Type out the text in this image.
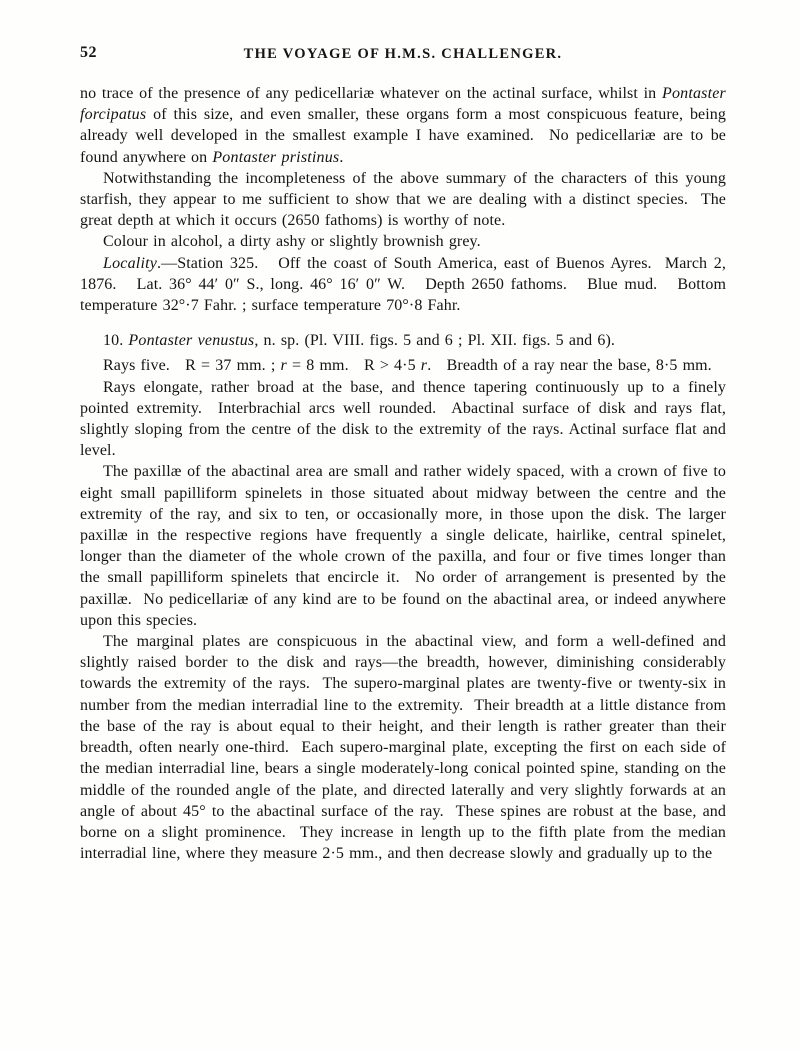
52	THE VOYAGE OF H.M.S. CHALLENGER.

no trace of the presence of any pedicellariæ whatever on the actinal surface, whilst in Pontaster forcipatus of this size, and even smaller, these organs form a most conspicuous feature, being already well developed in the smallest example I have examined.  No pedicellariæ are to be found anywhere on Pontaster pristinus.

Notwithstanding the incompleteness of the above summary of the characters of this young starfish, they appear to me sufficient to show that we are dealing with a distinct species.  The great depth at which it occurs (2650 fathoms) is worthy of note.

Colour in alcohol, a dirty ashy or slightly brownish grey.

Locality.—Station 325.   Off the coast of South America, east of Buenos Ayres.  March 2, 1876.   Lat. 36° 44′ 0″ S., long. 46° 16′ 0″ W.   Depth 2650 fathoms.   Blue mud.   Bottom temperature 32°·7 Fahr. ; surface temperature 70°·8 Fahr.

10. Pontaster venustus, n. sp. (Pl. VIII. figs. 5 and 6 ; Pl. XII. figs. 5 and 6).

Rays five.   R = 37 mm. ; r = 8 mm.   R > 4·5 r.   Breadth of a ray near the base, 8·5 mm.

Rays elongate, rather broad at the base, and thence tapering continuously up to a finely pointed extremity.  Interbrachial arcs well rounded.  Abactinal surface of disk and rays flat, slightly sloping from the centre of the disk to the extremity of the rays. Actinal surface flat and level.

The paxillæ of the abactinal area are small and rather widely spaced, with a crown of five to eight small papilliform spinelets in those situated about midway between the centre and the extremity of the ray, and six to ten, or occasionally more, in those upon the disk. The larger paxillæ in the respective regions have frequently a single delicate, hairlike, central spinelet, longer than the diameter of the whole crown of the paxilla, and four or five times longer than the small papilliform spinelets that encircle it.  No order of arrangement is presented by the paxillæ.  No pedicellariæ of any kind are to be found on the abactinal area, or indeed anywhere upon this species.

The marginal plates are conspicuous in the abactinal view, and form a well-defined and slightly raised border to the disk and rays—the breadth, however, diminishing considerably towards the extremity of the rays.  The supero-marginal plates are twenty-five or twenty-six in number from the median interradial line to the extremity.  Their breadth at a little distance from the base of the ray is about equal to their height, and their length is rather greater than their breadth, often nearly one-third.  Each supero-marginal plate, excepting the first on each side of the median interradial line, bears a single moderately-long conical pointed spine, standing on the middle of the rounded angle of the plate, and directed laterally and very slightly forwards at an angle of about 45° to the abactinal surface of the ray.  These spines are robust at the base, and borne on a slight prominence.  They increase in length up to the fifth plate from the median interradial line, where they measure 2·5 mm., and then decrease slowly and gradually up to the
